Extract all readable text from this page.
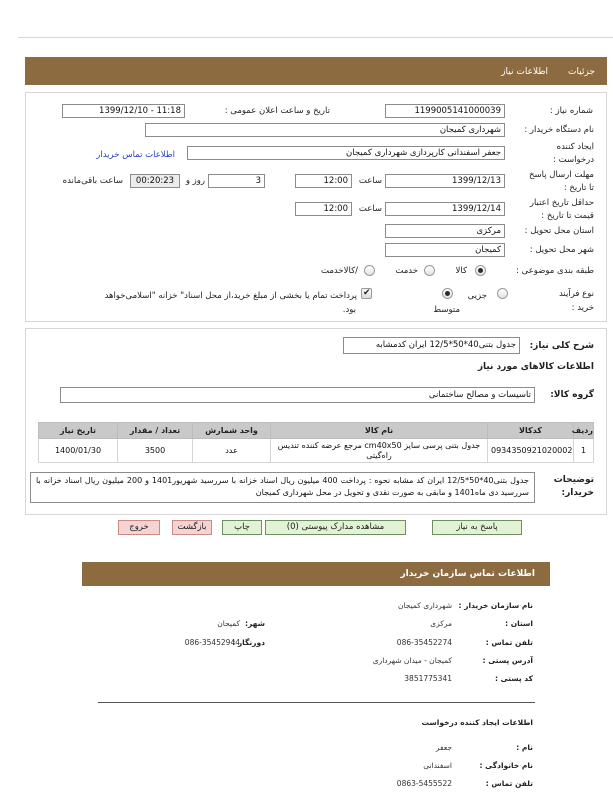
جزئیات
اطلاعات نیاز
شماره نیاز :
1199005141000039
تاریخ و ساعت اعلان عمومی :
1399/12/10 - 11:18
نام دستگاه خریدار :
شهرداری کمیجان
ایجاد کننده
درخواست :
جعفر اسفندانی کارپردازی شهرداری کمیجان
اطلاعات تماس خریدار
مهلت ارسال پاسخ
تا تاریخ :
1399/12/13
ساعت
12:00
3
روز و
00:20:23
ساعت باقی‌مانده
حداقل تاریخ اعتبار
قیمت تا تاریخ :
1399/12/14
ساعت
12:00
استان محل تحویل :
مرکزی
شهر محل تحویل :
کمیجان
طبقه بندی موضوعی :
کالا
خدمت
/کالاخدمت
نوع فرآیند
خرید :
جزیی
متوسط
✔
پرداخت تمام یا بخشی از مبلغ خرید،از محل اسناد" خزانه "اسلامی‌خواهد
بود.
شرح کلی نیاز:
جدول بتنی40*50*12/5 ایران کدمشابه
اطلاعات کالاهای مورد نیاز
گروه کالا:
تاسیسات و مصالح ساختمانی
ردیف	کدکالا	نام کالا	واحد شمارش	تعداد / مقدار	تاریخ نیاز
1	0934350921020002	جدول بتنی پرسی سایز cm40x50 مرجع عرضه کننده تندیس راه‌گیتی	عدد	3500	1400/01/30
توضیحات
خریدار:
جدول بتنی40*50*12/5 ایران کد مشابه نحوه : پرداخت 400 میلیون ریال اسناد خزانه با سررسید شهریور1401 و 200 میلیون ریال اسناد خزانه با سررسید دی ماه1401 و مابقی به صورت نقدی و تحویل در محل شهرداری کمیجان
پاسخ به نیاز
مشاهده مدارک پیوستی (0)
چاپ
بازگشت
خروج
اطلاعات تماس سازمان خریدار
نام سازمان خریدار :
شهرداری کمیجان
استان :
مرکزی
شهر:
کمیجان
تلفن تماس :
086-35452274
دورنگار :
086-35452944
آدرس پستی :
کمیجان - میدان شهرداری
کد پستی :
3851775341
اطلاعات ایجاد کننده درخواست
نام :
جعفر
نام خانوادگی :
اسفندانی
تلفن تماس :
0863-5455522
